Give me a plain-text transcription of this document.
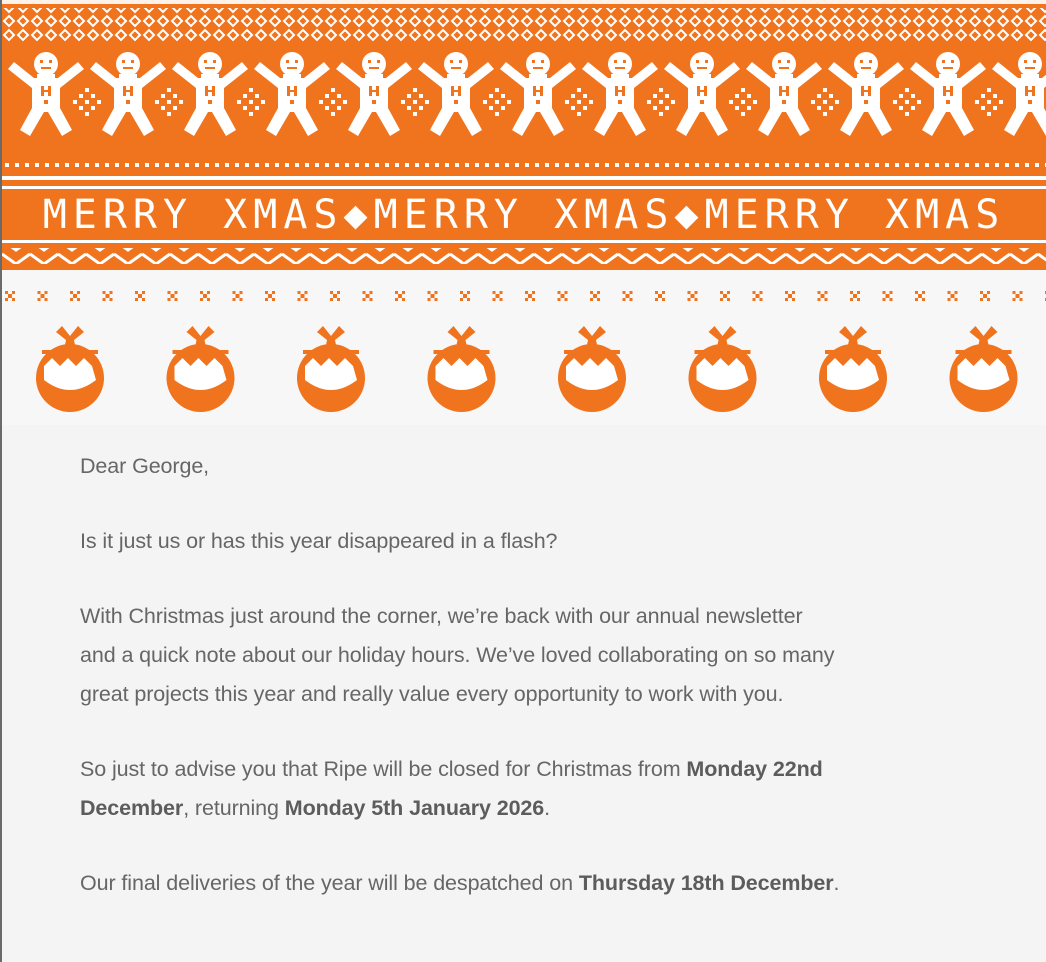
MERRY XMAS◆MERRY XMAS◆MERRY XMAS

Dear George,

Is it just us or has this year disappeared in a flash?

With Christmas just around the corner, we’re back with our annual newsletter
and a quick note about our holiday hours. We’ve loved collaborating on so many
great projects this year and really value every opportunity to work with you.

So just to advise you that Ripe will be closed for Christmas from Monday 22nd
December, returning Monday 5th January 2026.

Our final deliveries of the year will be despatched on Thursday 18th December.
